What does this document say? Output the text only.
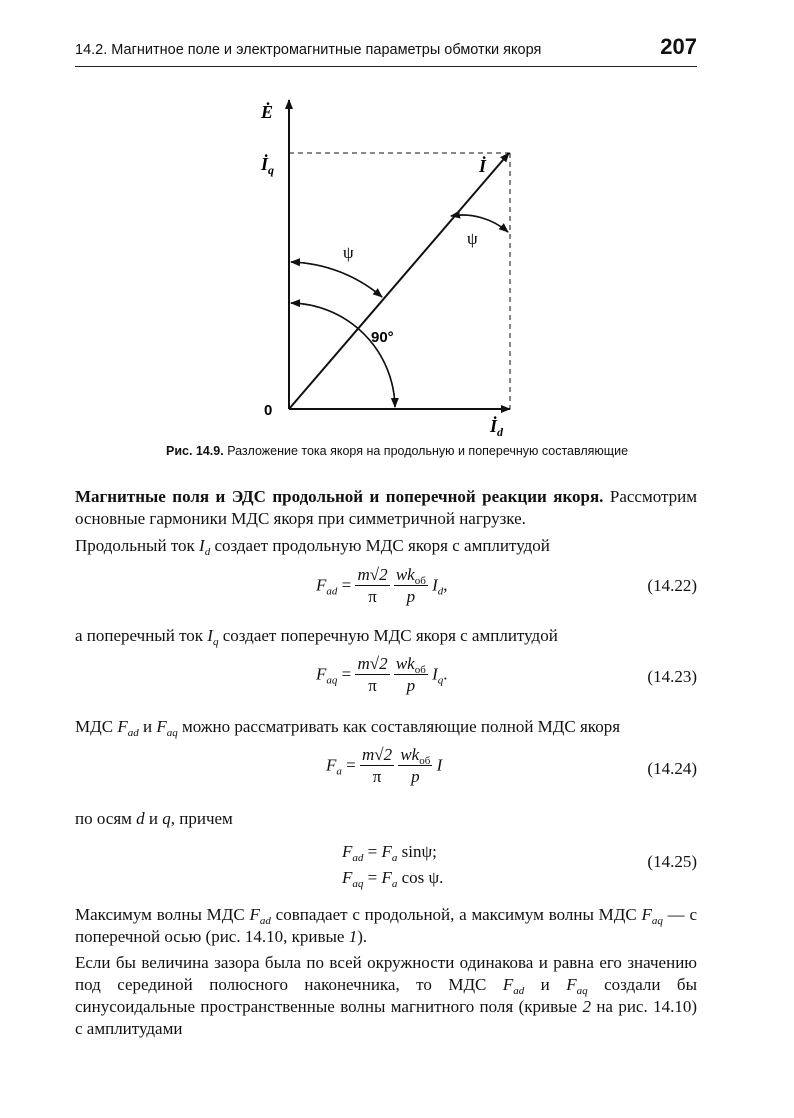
14.2. Магнитное поле и электромагнитные параметры обмотки якоря	207
Ė
$İ_q$	İ
$İ_d$
0
ψ
ψ
90°
Рис. 14.9. Разложение тока якоря на продольную и поперечную составляющие
Магнитные поля и ЭДС продольной и поперечной реакции якоря. Рассмотрим основные гармоники МДС якоря при симметричной нагрузке.
Продольный ток $I_d$ создает продольную МДС якоря с амплитудой
$F_{ad} = \frac{m√2}{\pi}$
$\frac{wk_{об}}{p} I_d$,	(14.22)
а поперечный ток $I_q$ создает поперечную МДС якоря с амплитудой
$F_{aq} = \frac{m√2}{\pi}$
$\frac{wk_{об}}{p} I_q$.	(14.23)
МДС $F_{ad}$ и $F_{aq}$ можно рассматривать как составляющие полной МДС якоря
$F_a = \frac{m√2}{\pi}$
$\frac{wk_{об}}{p}$ I	(14.24)
по осям d и q, причем
$F_{ad} = F_a$ sinψ;
$F_{aq} = F_a$ cos ψ.
(14.25)
Максимум волны МДС $F_{ad}$ совпадает с продольной, а максимум волны МДС $F_{aq}$ — с поперечной осью (рис. 14.10, кривые 1).
Если бы величина зазора была по всей окружности одинакова и равна его значению под серединой полюсного наконечника, то МДС $F_{ad}$ и $F_{aq}$ создали бы синусоидальные пространственные волны магнитного поля (кривые 2 на рис. 14.10) с амплитудами
